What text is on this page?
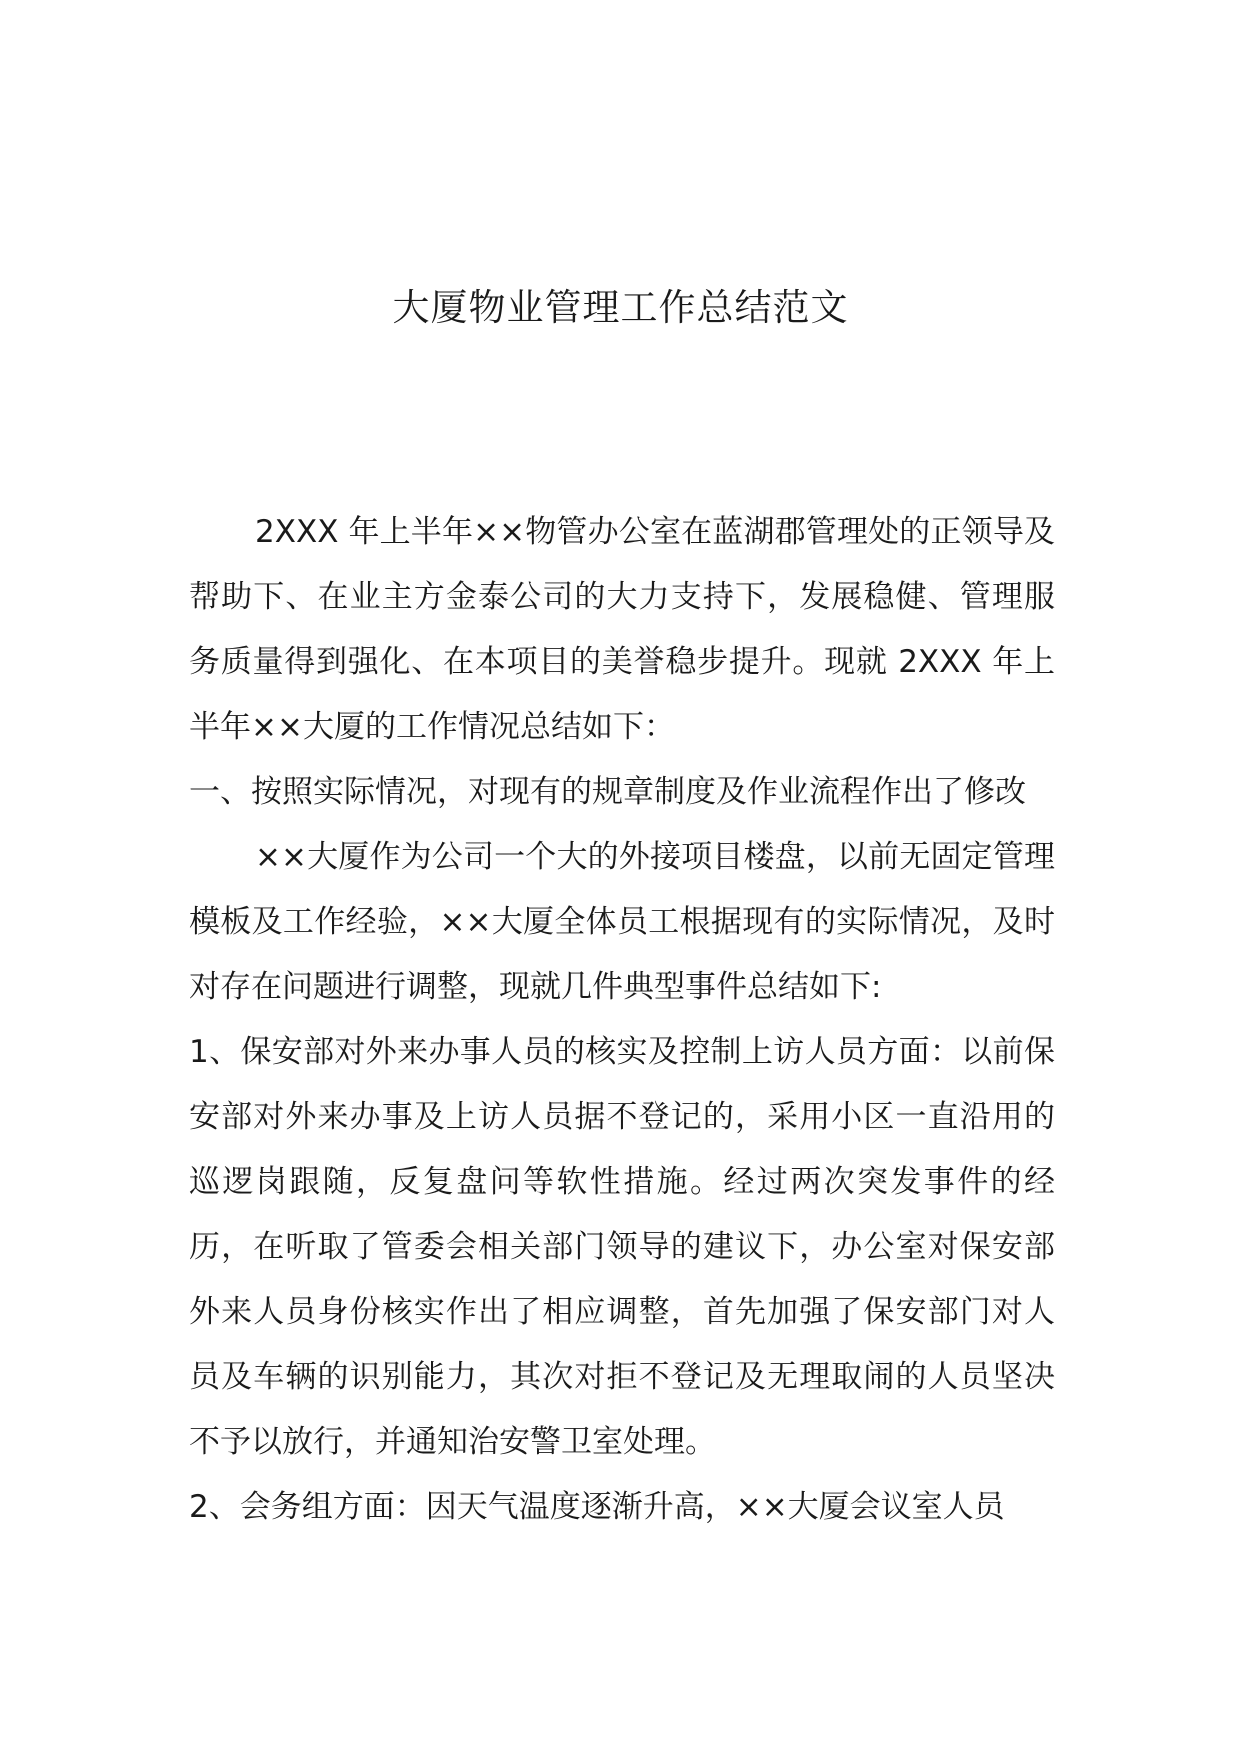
大厦物业管理工作总结范文

2XXX 年上半年××物管办公室在蓝湖郡管理处的正领导及帮助下、在业主方金泰公司的大力支持下，发展稳健、管理服务质量得到强化、在本项目的美誉稳步提升。现就 2XXX 年上半年××大厦的工作情况总结如下：

一、按照实际情况，对现有的规章制度及作业流程作出了修改

××大厦作为公司一个大的外接项目楼盘，以前无固定管理模板及工作经验，××大厦全体员工根据现有的实际情况，及时对存在问题进行调整，现就几件典型事件总结如下:

1、保安部对外来办事人员的核实及控制上访人员方面：以前保安部对外来办事及上访人员据不登记的，采用小区一直沿用的巡逻岗跟随，反复盘问等软性措施。经过两次突发事件的经历，在听取了管委会相关部门领导的建议下，办公室对保安部外来人员身份核实作出了相应调整，首先加强了保安部门对人员及车辆的识别能力，其次对拒不登记及无理取闹的人员坚决不予以放行，并通知治安警卫室处理。

2、会务组方面：因天气温度逐渐升高，××大厦会议室人员
